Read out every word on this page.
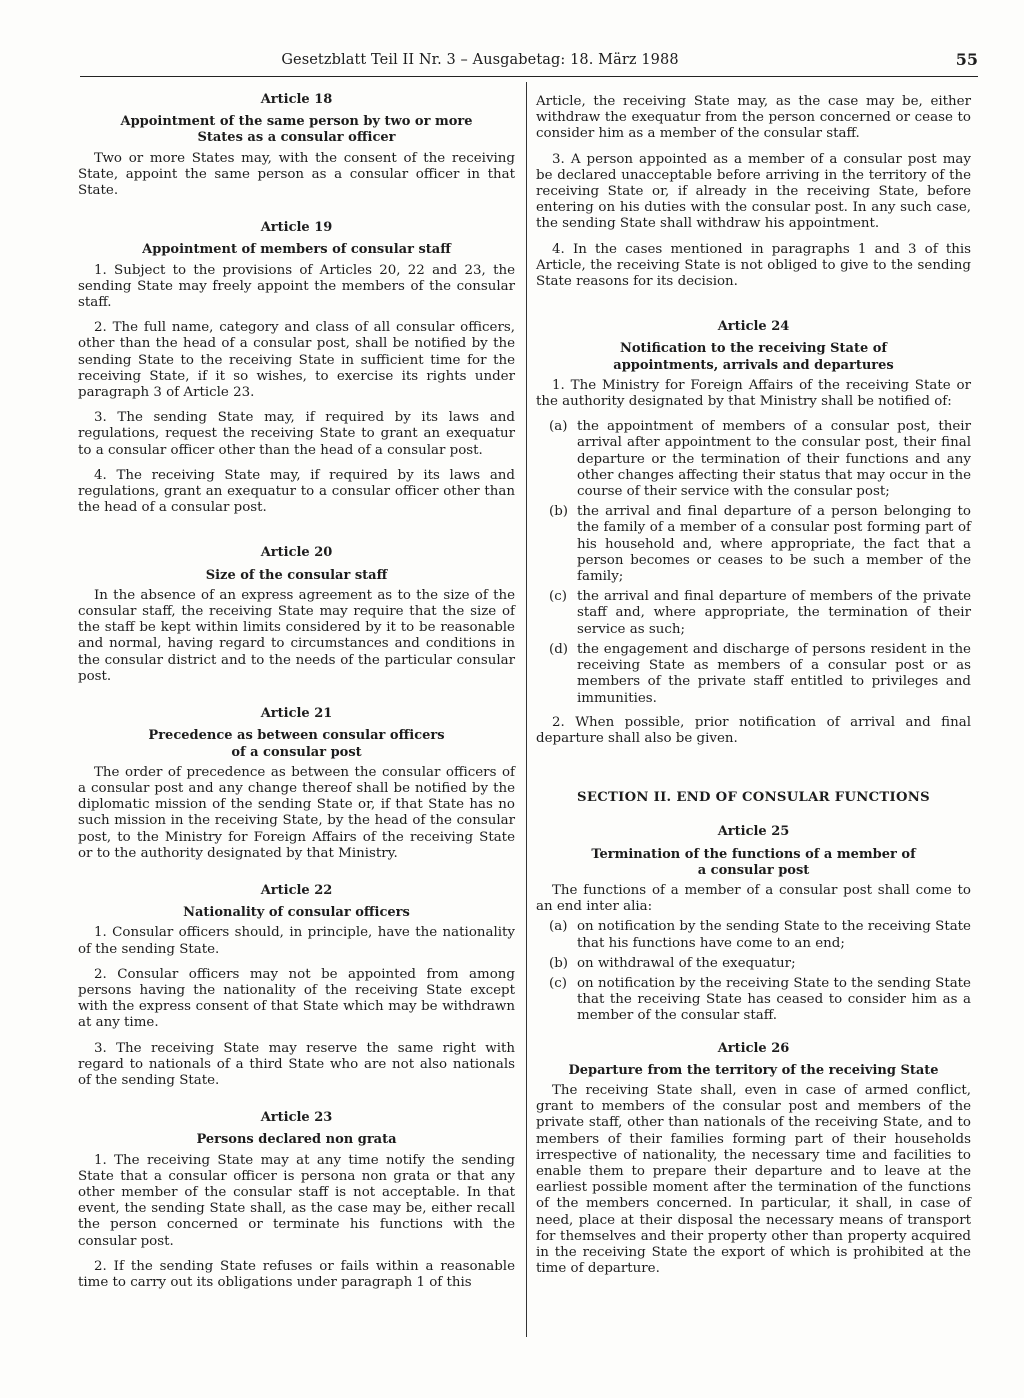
Gesetzblatt Teil II Nr. 3 – Ausgabetag: 18. März 1988	55
Article 18
Appointment of the same person by two or more States as a consular officer

Two or more States may, with the consent of the receiving State, appoint the same person as a consular officer in that State.

Article 19
Appointment of members of consular staff

1. Subject to the provisions of Articles 20, 22 and 23, the sending State may freely appoint the members of the consular staff.

2. The full name, category and class of all consular officers, other than the head of a consular post, shall be notified by the sending State to the receiving State in sufficient time for the receiving State, if it so wishes, to exercise its rights under paragraph 3 of Article 23.

3. The sending State may, if required by its laws and regulations, request the receiving State to grant an exequatur to a consular officer other than the head of a consular post.

4. The receiving State may, if required by its laws and regulations, grant an exequatur to a consular officer other than the head of a consular post.

Article 20
Size of the consular staff

In the absence of an express agreement as to the size of the consular staff, the receiving State may require that the size of the staff be kept within limits considered by it to be reasonable and normal, having regard to circumstances and conditions in the consular district and to the needs of the particular consular post.

Article 21
Precedence as between consular officers of a consular post

The order of precedence as between the consular officers of a consular post and any change thereof shall be notified by the diplomatic mission of the sending State or, if that State has no such mission in the receiving State, by the head of the consular post, to the Ministry for Foreign Affairs of the receiving State or to the authority designated by that Ministry.

Article 22
Nationality of consular officers

1. Consular officers should, in principle, have the nationality of the sending State.

2. Consular officers may not be appointed from among persons having the nationality of the receiving State except with the express consent of that State which may be withdrawn at any time.

3. The receiving State may reserve the same right with regard to nationals of a third State who are not also nationals of the sending State.

Article 23
Persons declared non grata

1. The receiving State may at any time notify the sending State that a consular officer is persona non grata or that any other member of the consular staff is not acceptable. In that event, the sending State shall, as the case may be, either recall the person concerned or terminate his functions with the consular post.

2. If the sending State refuses or fails within a reasonable time to carry out its obligations under paragraph 1 of this

Article, the receiving State may, as the case may be, either withdraw the exequatur from the person concerned or cease to consider him as a member of the consular staff.

3. A person appointed as a member of a consular post may be declared unacceptable before arriving in the territory of the receiving State or, if already in the receiving State, before entering on his duties with the consular post. In any such case, the sending State shall withdraw his appointment.

4. In the cases mentioned in paragraphs 1 and 3 of this Article, the receiving State is not obliged to give to the sending State reasons for its decision.

Article 24
Notification to the receiving State of appointments, arrivals and departures

1. The Ministry for Foreign Affairs of the receiving State or the authority designated by that Ministry shall be notified of:

(a) the appointment of members of a consular post, their arrival after appointment to the consular post, their final departure or the termination of their functions and any other changes affecting their status that may occur in the course of their service with the consular post;
(b) the arrival and final departure of a person belonging to the family of a member of a consular post forming part of his household and, where appropriate, the fact that a person becomes or ceases to be such a member of the family;
(c) the arrival and final departure of members of the private staff and, where appropriate, the termination of their service as such;
(d) the engagement and discharge of persons resident in the receiving State as members of a consular post or as members of the private staff entitled to privileges and immunities.

2. When possible, prior notification of arrival and final departure shall also be given.

SECTION II. END OF CONSULAR FUNCTIONS
Article 25
Termination of the functions of a member of a consular post

The functions of a member of a consular post shall come to an end inter alia:

(a) on notification by the sending State to the receiving State that his functions have come to an end;
(b) on withdrawal of the exequatur;
(c) on notification by the receiving State to the sending State that the receiving State has ceased to consider him as a member of the consular staff.
Article 26
Departure from the territory of the receiving State

The receiving State shall, even in case of armed conflict, grant to members of the consular post and members of the private staff, other than nationals of the receiving State, and to members of their families forming part of their households irrespective of nationality, the necessary time and facilities to enable them to prepare their departure and to leave at the earliest possible moment after the termination of the functions of the members concerned. In particular, it shall, in case of need, place at their disposal the necessary means of transport for themselves and their property other than property acquired in the receiving State the export of which is prohibited at the time of departure.
